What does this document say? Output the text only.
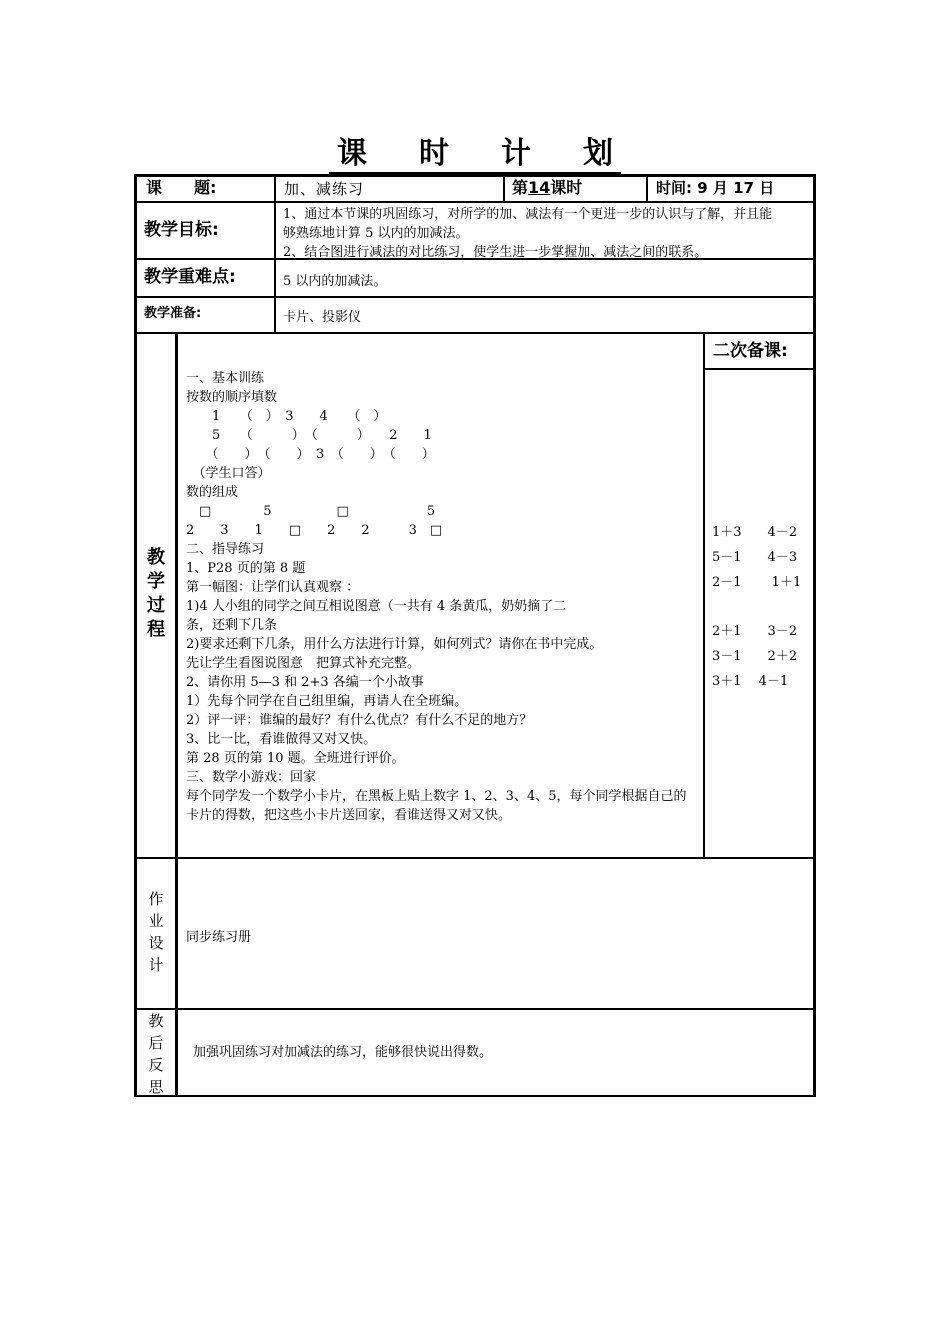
课 时 计 划
课　　题:	加、减练习	第14课时	时间: 9 月 17 日
教学目标:
1、通过本节课的巩固练习，对所学的加、减法有一个更进一步的认识与了解，并且能
够熟练地计算 5 以内的加减法。
2、结合图进行减法的对比练习，使学生进一步掌握加、减法之间的联系。
教学重难点:	5 以内的加减法。
教学准备:	卡片、投影仪
教
学
过
程
一、基本训练
按数的顺序填数
　　1　　（　）　3　　4　　（　）
　　5　　（　　　）　（　　　）　　2　　1
　　（　　）　（　　）　3　（　　）　（　　）
　（学生口答）
数的组成
　□　　　　5　　　　　□　　　　　　5
2　　3　　1　　□　　2　　2　　　3　□
二、指导练习
1、P28 页的第 8 题
第一幅图：让学们认真观察 ：
1)4 人小组的同学之间互相说图意（一共有 4 条黄瓜，奶奶摘了二
条，还剩下几条
2)要求还剩下几条，用什么方法进行计算，如何列式？请你在书中完成。
先让学生看图说图意　把算式补充完整。
2、请你用 5—3 和 2+3 各编一个小故事
1）先每个同学在自己组里编，再请人在全班编。
2）评一评：谁编的最好？有什么优点？有什么不足的地方？
3、比一比，看谁做得又对又快。
第 28 页的第 10 题。全班进行评价。
三、数学小游戏：回家
每个同学发一个数学小卡片，在黑板上贴上数字 1、2、3、4、5，每个同学根据自己的
卡片的得数，把这些小卡片送回家，看谁送得又对又快。
二次备课:
1＋3　　4－2
5－1　　4－3
2－1　　 1＋1
2＋1　　3－2
3－1　　2＋2
3＋1　 4－1
作
业
设
计
同步练习册
教
后
反
思
加强巩固练习对加减法的练习，能够很快说出得数。
